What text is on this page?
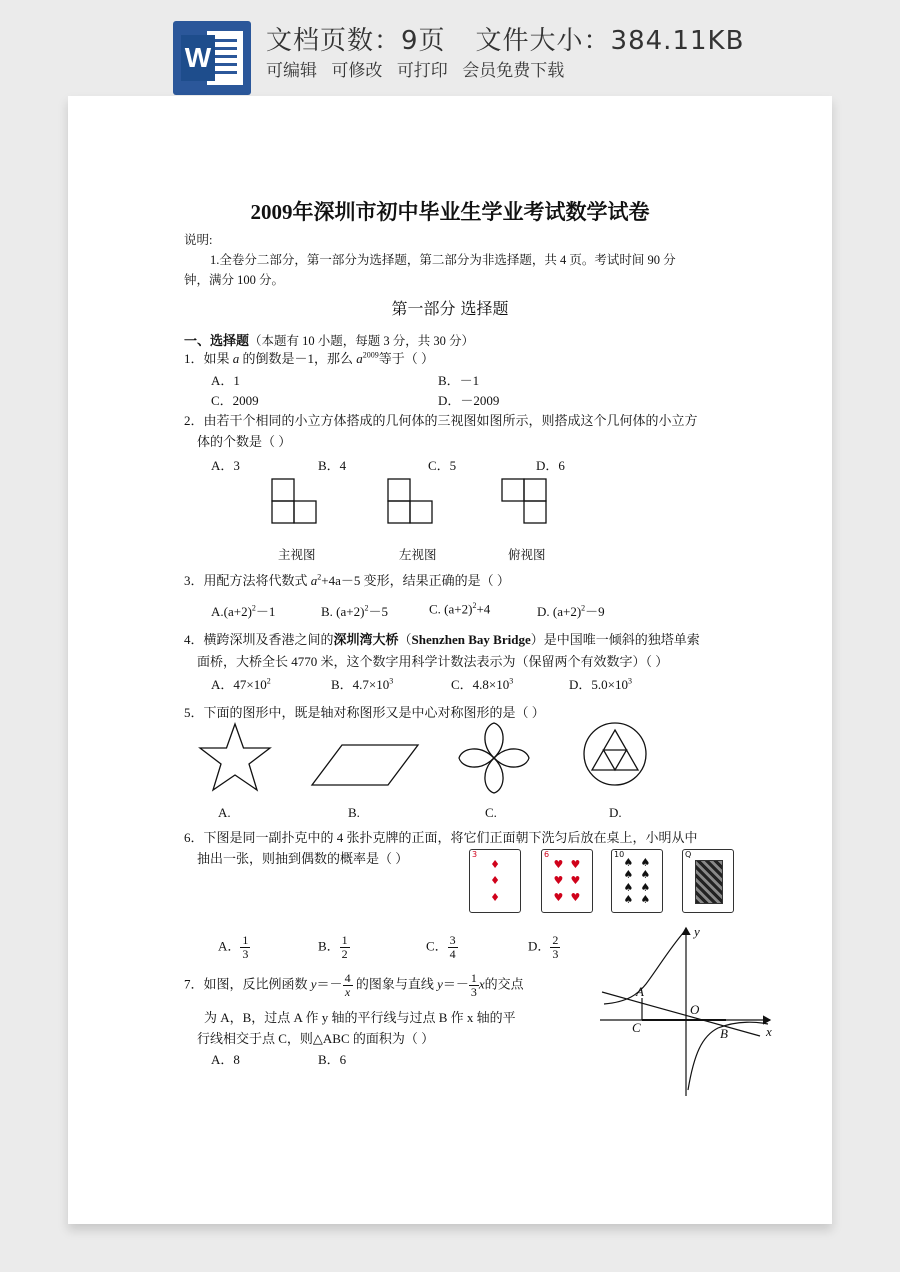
W
文档页数：9页 文件大小：384.11KB
可编辑 可修改 可打印 会员免费下载
2009年深圳市初中毕业生学业考试数学试卷
说明:
1.全卷分二部分，第一部分为选择题，第二部分为非选择题，共 4 页。考试时间 90 分
钟，满分 100 分。
第一部分 选择题
一、选择题（本题有 10 小题，每题 3 分，共 30 分）
1．如果 a 的倒数是－1，那么 $a^{2009}$等于（ ）
A．1	B．－1
C．2009	D．－2009
2．由若干个相同的小立方体搭成的几何体的三视图如图所示，则搭成这个几何体的小立方
体的个数是（ ）
A．3	B．4	C．5	D．6
主视图	左视图	俯视图
3．用配方法将代数式 $a^2+4a-5$ 变形，结果正确的是（ ）
$A.(a+2)^2-1$	B. $(a+2)^2-5$	C. $(a+2)^2+4$	D. $(a+2)^2-9$
4．横跨深圳及香港之间的深圳湾大桥（Shenzhen Bay Bridge）是中国唯一倾斜的独塔单索
面桥，大桥全长 4770 米，这个数字用科学计数法表示为（保留两个有效数字）（ ）
A．$47\times 10^2$	B．$4.7\times 10^3$	C．$4.8\times 10^3$	D．$5.0\times 10^3$
5．下面的图形中，既是轴对称图形又是中心对称图形的是（ ）
A.	B.	C.	D.
6．下图是同一副扑克中的 4 张扑克牌的正面，将它们正面朝下洗匀后放在桌上，小明从中
抽出一张，则抽到偶数的概率是（ ）	3
♦
♦
♦
6
♥ ♥
♥ ♥
♥ ♥
10
♠ ♠
♠ ♠
♠ ♠
♠ ♠
Q
A． $\frac{1}{3}$	B． $\frac{1}{2}$	C． $\frac{3}{4}$	D． $\frac{2}{3}$
7．如图，反比例函数 $y=- \frac{4}{x}$ 的图象与直线 $y=- \frac{1}{3}$ x的交点
为 A，B，过点 A 作 y 轴的平行线与过点 B 作 x 轴的平
行线相交于点 C，则△ABC 的面积为（ ）
A．8	B．6
y
x
A
O
C	B
